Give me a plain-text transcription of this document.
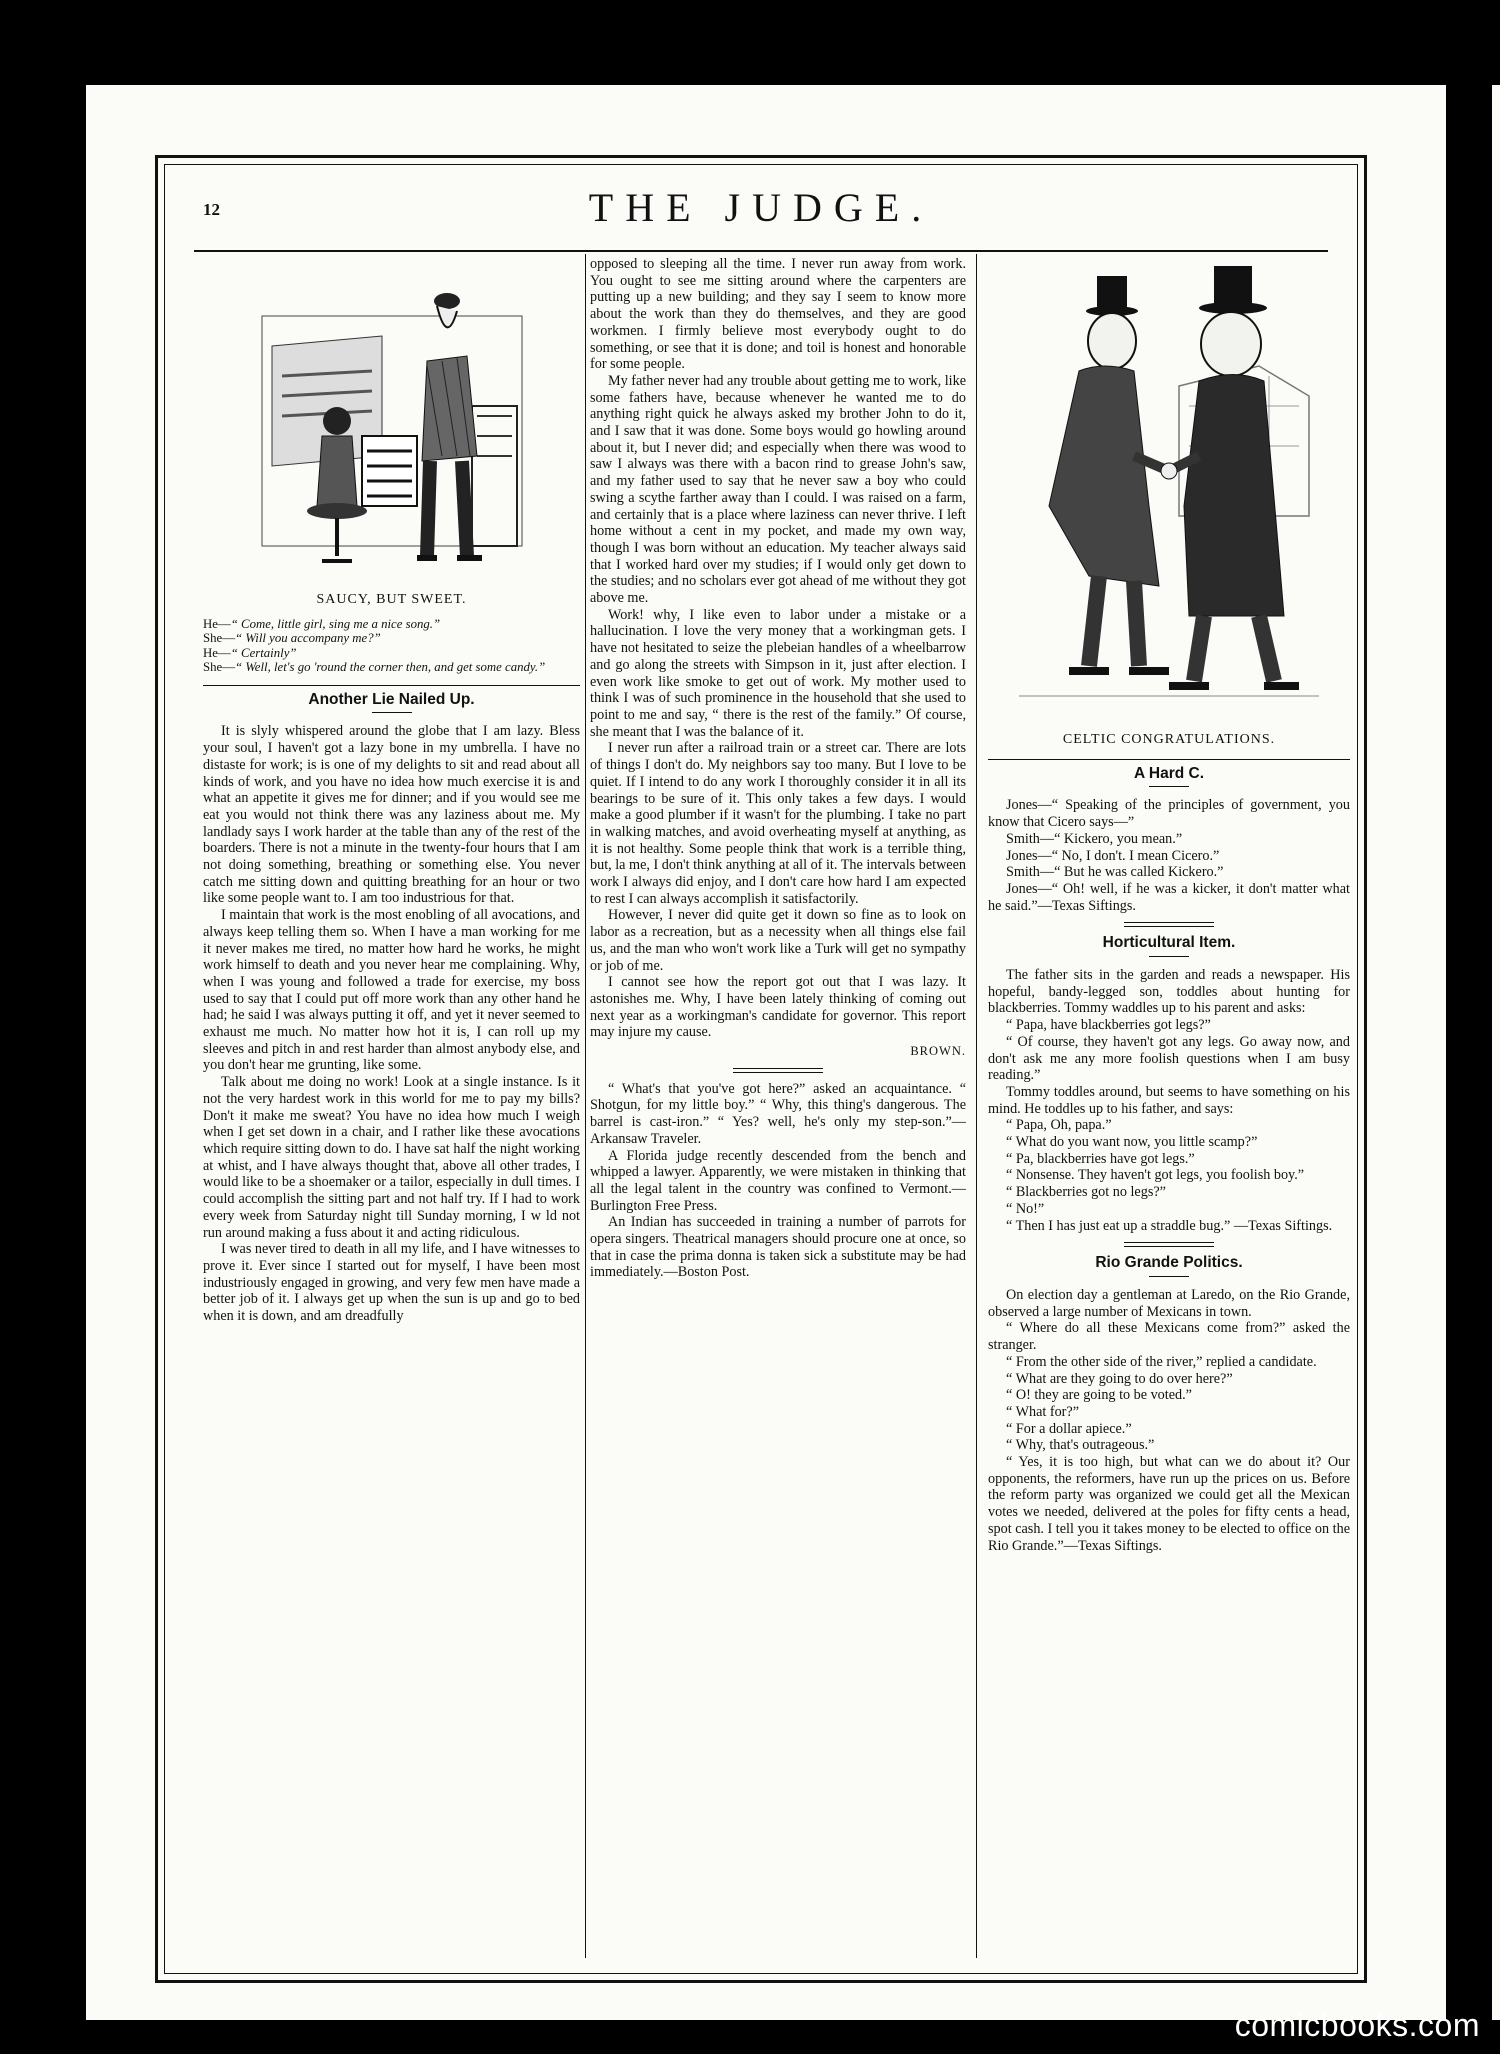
12	THE JUDGE.
SAUCY, BUT SWEET.

He—“ Come, little girl, sing me a nice song.”

She—“ Will you accompany me?”

He—“ Certainly”

She—“ Well, let's go 'round the corner then, and get some candy.”

Another Lie Nailed Up.

It is slyly whispered around the globe that I am lazy. Bless your soul, I haven't got a lazy bone in my umbrella. I have no distaste for work; is is one of my delights to sit and read about all kinds of work, and you have no idea how much exercise it is and what an appetite it gives me for dinner; and if you would see me eat you would not think there was any laziness about me. My landlady says I work harder at the table than any of the rest of the boarders. There is not a minute in the twenty-four hours that I am not doing something, breathing or something else. You never catch me sitting down and quitting breathing for an hour or two like some people want to. I am too industrious for that.

I maintain that work is the most enobling of all avocations, and always keep telling them so. When I have a man working for me it never makes me tired, no matter how hard he works, he might work himself to death and you never hear me complaining. Why, when I was young and followed a trade for exercise, my boss used to say that I could put off more work than any other hand he had; he said I was always putting it off, and yet it never seemed to exhaust me much. No matter how hot it is, I can roll up my sleeves and pitch in and rest harder than almost anybody else, and you don't hear me grunting, like some.

Talk about me doing no work! Look at a single instance. Is it not the very hardest work in this world for me to pay my bills? Don't it make me sweat? You have no idea how much I weigh when I get set down in a chair, and I rather like these avocations which require sitting down to do. I have sat half the night working at whist, and I have always thought that, above all other trades, I would like to be a shoemaker or a tailor, especially in dull times. I could accomplish the sitting part and not half try. If I had to work every week from Saturday night till Sunday morning, I w ld not run around making a fuss about it and acting ridiculous.

I was never tired to death in all my life, and I have witnesses to prove it. Ever since I started out for myself, I have been most industriously engaged in growing, and very few men have made a better job of it. I always get up when the sun is up and go to bed when it is down, and am dreadfully

opposed to sleeping all the time. I never run away from work. You ought to see me sitting around where the carpenters are putting up a new building; and they say I seem to know more about the work than they do themselves, and they are good workmen. I firmly believe most everybody ought to do something, or see that it is done; and toil is honest and honorable for some people.

My father never had any trouble about getting me to work, like some fathers have, because whenever he wanted me to do anything right quick he always asked my brother John to do it, and I saw that it was done. Some boys would go howling around about it, but I never did; and especially when there was wood to saw I always was there with a bacon rind to grease John's saw, and my father used to say that he never saw a boy who could swing a scythe farther away than I could. I was raised on a farm, and certainly that is a place where laziness can never thrive. I left home without a cent in my pocket, and made my own way, though I was born without an education. My teacher always said that I worked hard over my studies; if I would only get down to the studies; and no scholars ever got ahead of me without they got above me.

Work! why, I like even to labor under a mistake or a hallucination. I love the very money that a workingman gets. I have not hesitated to seize the plebeian handles of a wheelbarrow and go along the streets with Simpson in it, just after election. I even work like smoke to get out of work. My mother used to think I was of such prominence in the household that she used to point to me and say, “ there is the rest of the family.” Of course, she meant that I was the balance of it.

I never run after a railroad train or a street car. There are lots of things I don't do. My neighbors say too many. But I love to be quiet. If I intend to do any work I thoroughly consider it in all its bearings to be sure of it. This only takes a few days. I would make a good plumber if it wasn't for the plumbing. I take no part in walking matches, and avoid overheating myself at anything, as it is not healthy. Some people think that work is a terrible thing, but, la me, I don't think anything at all of it. The intervals between work I always did enjoy, and I don't care how hard I am expected to rest I can always accomplish it satisfactorily.

However, I never did quite get it down so fine as to look on labor as a recreation, but as a necessity when all things else fail us, and the man who won't work like a Turk will get no sympathy or job of me.

I cannot see how the report got out that I was lazy. It astonishes me. Why, I have been lately thinking of coming out next year as a workingman's candidate for governor. This report may injure my cause.

BROWN.

“ What's that you've got here?” asked an acquaintance. “ Shotgun, for my little boy.” “ Why, this thing's dangerous. The barrel is cast-iron.” “ Yes? well, he's only my step-son.”—Arkansaw Traveler.

A Florida judge recently descended from the bench and whipped a lawyer. Apparently, we were mistaken in thinking that all the legal talent in the country was confined to Vermont.—Burlington Free Press.

An Indian has succeeded in training a number of parrots for opera singers. Theatrical managers should procure one at once, so that in case the prima donna is taken sick a substitute may be had immediately.—Boston Post.

CELTIC CONGRATULATIONS.
A Hard C.

Jones—“ Speaking of the principles of government, you know that Cicero says—”

Smith—“ Kickero, you mean.”

Jones—“ No, I don't. I mean Cicero.”

Smith—“ But he was called Kickero.”

Jones—“ Oh! well, if he was a kicker, it don't matter what he said.”—Texas Siftings.

Horticultural Item.

The father sits in the garden and reads a newspaper. His hopeful, bandy-legged son, toddles about hunting for blackberries. Tommy waddles up to his parent and asks:

“ Papa, have blackberries got legs?”

“ Of course, they haven't got any legs. Go away now, and don't ask me any more foolish questions when I am busy reading.”

Tommy toddles around, but seems to have something on his mind. He toddles up to his father, and says:

“ Papa, Oh, papa.”

“ What do you want now, you little scamp?”

“ Pa, blackberries have got legs.”

“ Nonsense. They haven't got legs, you foolish boy.”

“ Blackberries got no legs?”

“ No!”

“ Then I has just eat up a straddle bug.” —Texas Siftings.

Rio Grande Politics.

On election day a gentleman at Laredo, on the Rio Grande, observed a large number of Mexicans in town.

“ Where do all these Mexicans come from?” asked the stranger.

“ From the other side of the river,” replied a candidate.

“ What are they going to do over here?”

“ O! they are going to be voted.”

“ What for?”

“ For a dollar apiece.”

“ Why, that's outrageous.”

“ Yes, it is too high, but what can we do about it? Our opponents, the reformers, have run up the prices on us. Before the reform party was organized we could get all the Mexican votes we needed, delivered at the poles for fifty cents a head, spot cash. I tell you it takes money to be elected to office on the Rio Grande.”—Texas Siftings.

comicbooks.com
